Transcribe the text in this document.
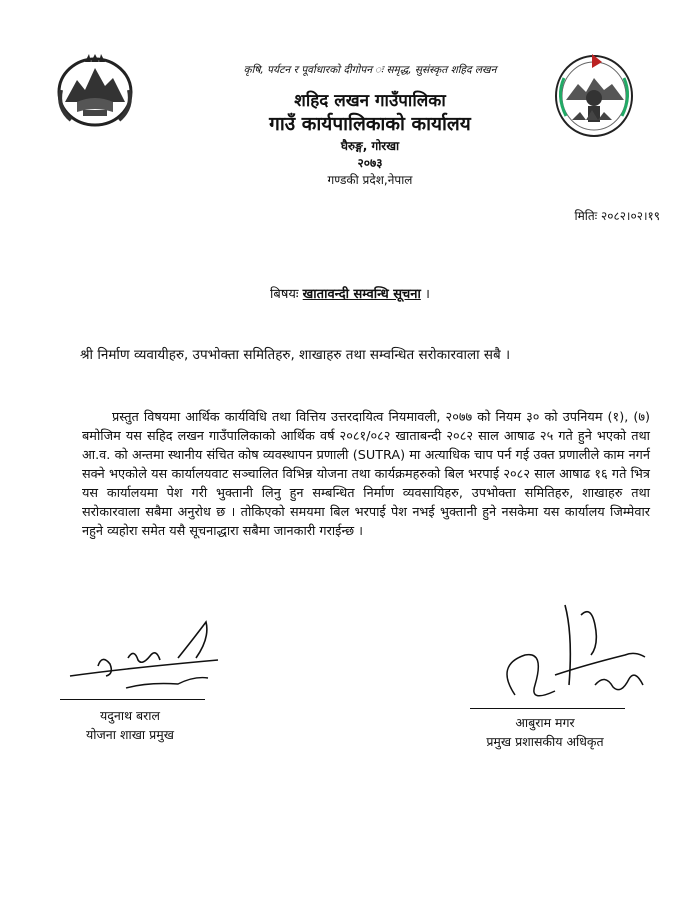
कृषि, पर्यटन र पूर्वाधारको दीगोपन ः समृद्ध, सुसंस्कृत शहिद लखन
शहिद लखन गाउँपालिका
गाउँ कार्यपालिकाको कार्यालय
घैरुङ्ग, गोरखा
२०७३
गण्डकी प्रदेश,नेपाल
मितिः २०८२।०२।१९
बिषयः खातावन्दी सम्वन्धि सूचना ।
श्री निर्माण व्यवायीहरु, उपभोक्ता समितिहरु, शाखाहरु तथा सम्वन्धित सरोकारवाला सबै ।

प्रस्तुत विषयमा आर्थिक कार्यविधि तथा वित्तिय उत्तरदायित्व नियमावली, २०७७ को नियम ३० को उपनियम (१), (७) बमोजिम यस सहिद लखन गाउँपालिकाको आर्थिक वर्ष २०८१/०८२ खाताबन्दी २०८२ साल आषाढ २५ गते हुने भएको तथा आ.व. को अन्तमा स्थानीय संचित कोष व्यवस्थापन प्रणाली (SUTRA) मा अत्याधिक चाप पर्न गई उक्त प्रणालीले काम नगर्न सक्ने भएकोले यस कार्यालयवाट सञ्चालित विभिन्न योजना तथा कार्यक्रमहरुको बिल भरपाई २०८२ साल आषाढ १६ गते भित्र यस कार्यालयमा पेश गरी भुक्तानी लिनु हुन सम्बन्धित निर्माण व्यवसायिहरु, उपभोक्ता समितिहरु, शाखाहरु तथा सरोकारवाला सबैमा अनुरोध छ । तोकिएको समयमा बिल भरपाई पेश नभई भुक्तानी हुने नसकेमा यस कार्यालय जिम्मेवार नहुने व्यहोरा समेत यसै सूचनाद्धारा सबैमा जानकारी गराईन्छ ।

यदुनाथ बराल
योजना शाखा प्रमुख
आबुराम मगर
प्रमुख प्रशासकीय अधिकृत
